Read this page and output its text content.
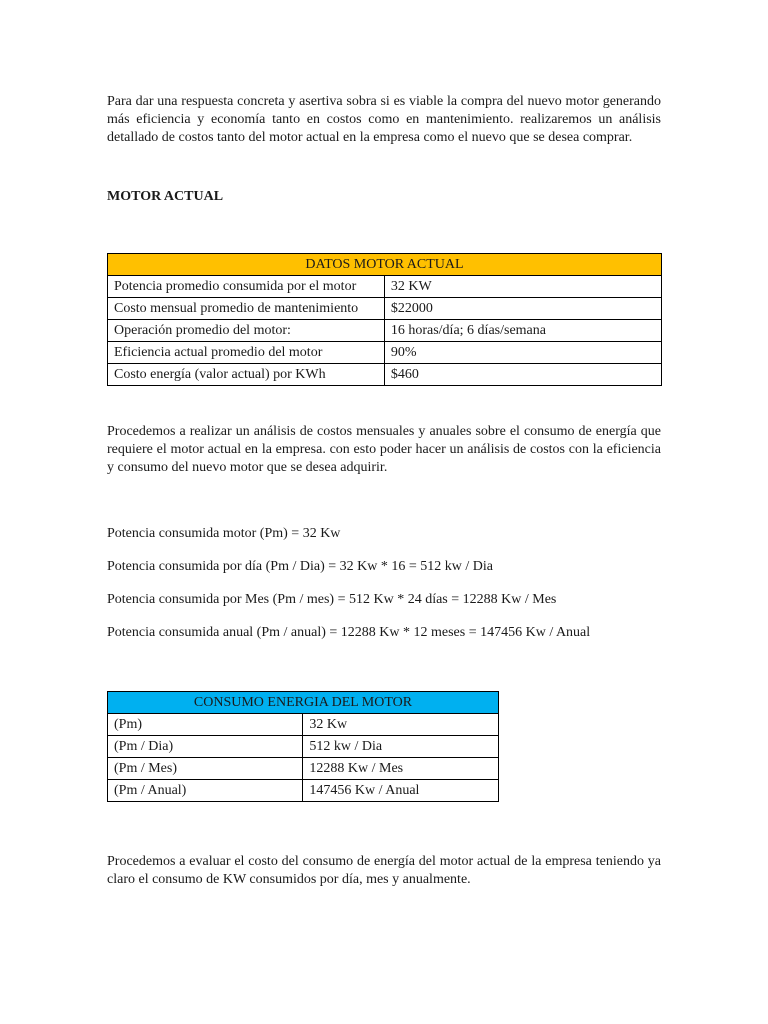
Para dar una respuesta concreta y asertiva sobra si es viable la compra del nuevo motor generando más eficiencia y economía tanto en costos como en mantenimiento. realizaremos un análisis detallado de costos tanto del motor actual en la empresa como el nuevo que se desea comprar.

MOTOR ACTUAL

DATOS MOTOR ACTUAL	
Potencia promedio consumida por el motor	32 KW
Costo mensual promedio de mantenimiento	$22000
Operación promedio del motor:	16 horas/día; 6 días/semana
Eficiencia actual promedio del motor	90%
Costo energía (valor actual) por KWh	$460

Procedemos a realizar un análisis de costos mensuales y anuales sobre el consumo de energía que requiere el motor actual en la empresa. con esto poder hacer un análisis de costos con la eficiencia y consumo del nuevo motor que se desea adquirir.

Potencia consumida motor (Pm) = 32 Kw

Potencia consumida por día (Pm / Dia) = 32 Kw * 16 = 512 kw / Dia

Potencia consumida por Mes (Pm / mes) = 512 Kw * 24 días = 12288 Kw / Mes

Potencia consumida anual (Pm / anual) = 12288 Kw * 12 meses = 147456 Kw / Anual

CONSUMO ENERGIA DEL MOTOR	
(Pm)	32 Kw
(Pm / Dia)	512 kw / Dia
(Pm / Mes)	12288 Kw / Mes
(Pm / Anual)	147456 Kw / Anual

Procedemos a evaluar el costo del consumo de energía del motor actual de la empresa teniendo ya claro el consumo de KW consumidos por día, mes y anualmente.
